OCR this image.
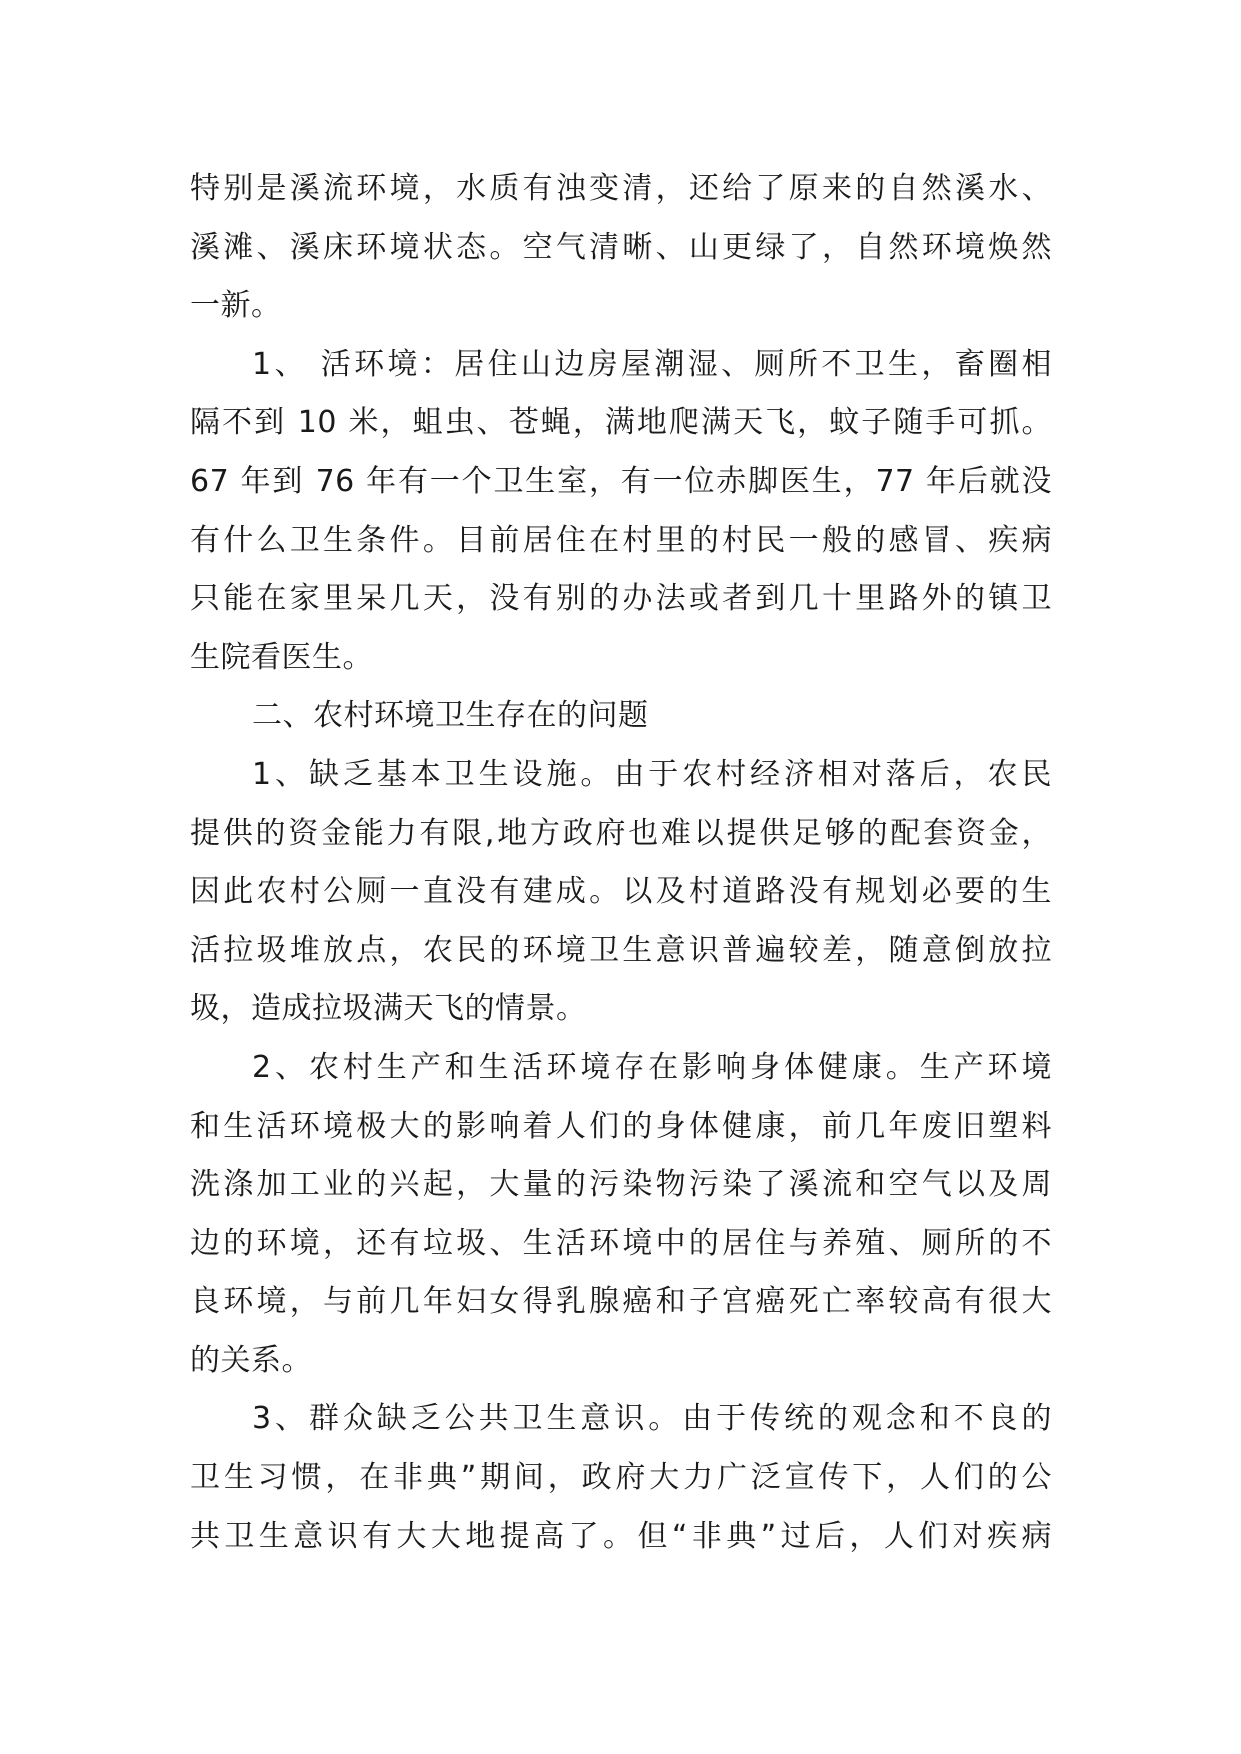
特别是溪流环境，水质有浊变清，还给了原来的自然溪水、
溪滩、溪床环境状态。空气清晰、山更绿了，自然环境焕然
一新。
1、 活环境：居住山边房屋潮湿、厕所不卫生，畜圈相
隔不到 10 米，蛆虫、苍蝇，满地爬满天飞，蚊子随手可抓。
67 年到 76 年有一个卫生室，有一位赤脚医生，77 年后就没
有什么卫生条件。目前居住在村里的村民一般的感冒、疾病
只能在家里呆几天，没有别的办法或者到几十里路外的镇卫
生院看医生。
二、农村环境卫生存在的问题
1、缺乏基本卫生设施。由于农村经济相对落后，农民
提供的资金能力有限,地方政府也难以提供足够的配套资金，
因此农村公厕一直没有建成。以及村道路没有规划必要的生
活拉圾堆放点，农民的环境卫生意识普遍较差，随意倒放拉
圾，造成拉圾满天飞的情景。
2、农村生产和生活环境存在影响身体健康。生产环境
和生活环境极大的影响着人们的身体健康，前几年废旧塑料
洗涤加工业的兴起，大量的污染物污染了溪流和空气以及周
边的环境，还有垃圾、生活环境中的居住与养殖、厕所的不
良环境，与前几年妇女得乳腺癌和子宫癌死亡率较高有很大
的关系。
3、群众缺乏公共卫生意识。由于传统的观念和不良的
卫生习惯，在非典”期间，政府大力广泛宣传下，人们的公
共卫生意识有大大地提高了。但“非典”过后，人们对疾病
